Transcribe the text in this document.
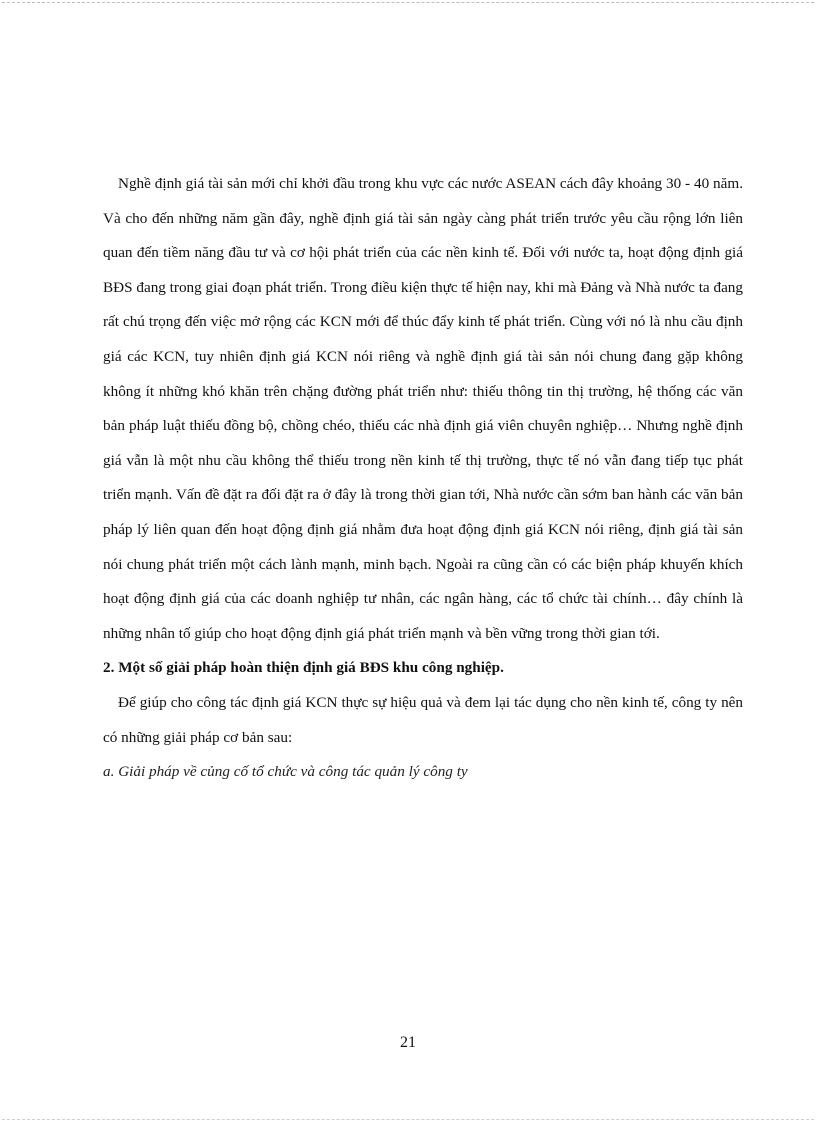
Nghề định giá tài sản mới chỉ khởi đầu trong khu vực các nước ASEAN cách đây khoảng 30 - 40 năm. Và cho đến những năm gần đây, nghề định giá tài sản ngày càng phát triển trước yêu cầu rộng lớn liên quan đến tiềm năng đầu tư và cơ hội phát triển của các nền kinh tế. Đối với nước ta, hoạt động định giá BĐS đang trong giai đoạn phát triển. Trong điều kiện thực tế hiện nay, khi mà Đảng và Nhà nước ta đang rất chú trọng đến việc mở rộng các KCN mới để thúc đẩy kinh tế phát triển. Cùng với nó là nhu cầu định giá các KCN, tuy nhiên định giá KCN nói riêng và nghề định giá tài sản nói chung đang gặp không không ít những khó khăn trên chặng đường phát triển như: thiếu thông tin thị trường, hệ thống các văn bản pháp luật thiếu đồng bộ, chồng chéo, thiếu các nhà định giá viên chuyên nghiệp… Nhưng nghề định giá vẫn là một nhu cầu không thể thiếu trong nền kinh tế thị trường, thực tế nó vẫn đang tiếp tục phát triển mạnh. Vấn đề đặt ra đối đặt ra ở đây là trong thời gian tới, Nhà nước cần sớm ban hành các văn bản pháp lý liên quan đến hoạt động định giá nhằm đưa hoạt động định giá KCN nói riêng, định giá tài sản nói chung phát triển một cách lành mạnh, minh bạch. Ngoài ra cũng cần có các biện pháp khuyến khích hoạt động định giá của các doanh nghiệp tư nhân, các ngân hàng, các tổ chức tài chính… đây chính là những nhân tố giúp cho hoạt động định giá phát triển mạnh và bền vững trong thời gian tới.

2. Một số giải pháp hoàn thiện định giá BĐS khu công nghiệp.

Để giúp cho công tác định giá KCN thực sự hiệu quả và đem lại tác dụng cho nền kinh tế, công ty nên có những giải pháp cơ bản sau:

a. Giải pháp về củng cố tổ chức và công tác quản lý công ty

21
